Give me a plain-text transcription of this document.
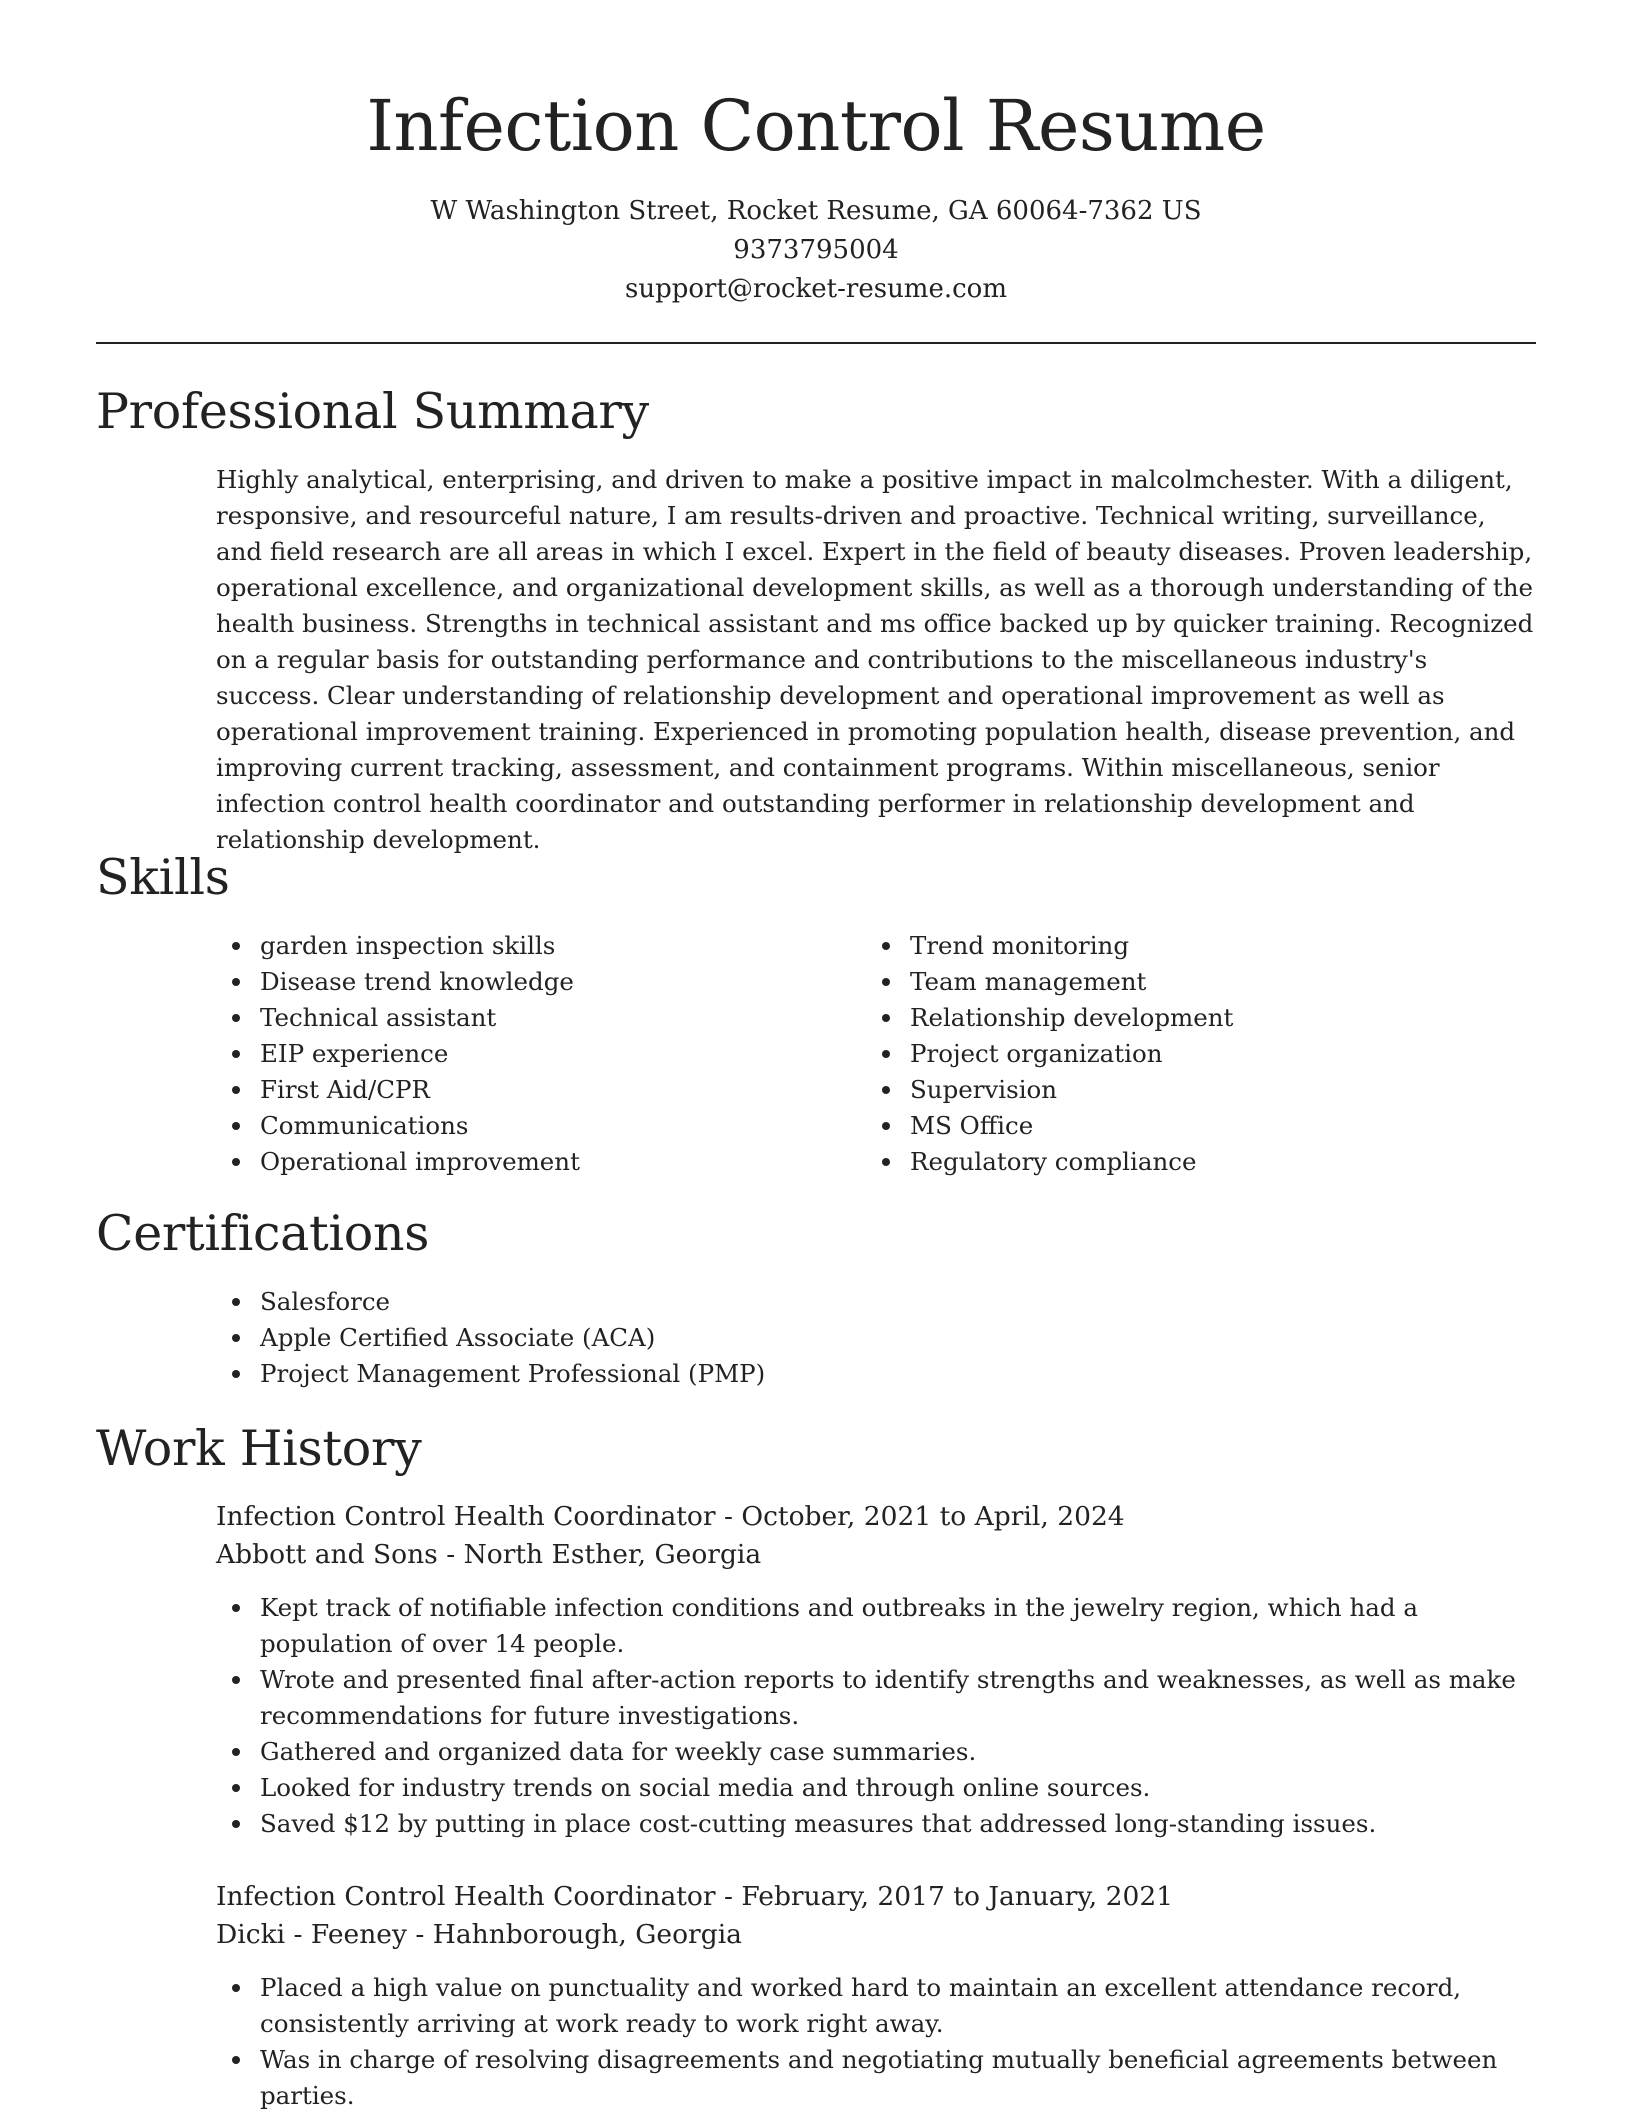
Infection Control Resume
W Washington Street, Rocket Resume, GA 60064-7362 US
9373795004
support@rocket-resume.com
Professional Summary
Highly analytical, enterprising, and driven to make a positive impact in malcolmchester. With a diligent, responsive, and resourceful nature, I am results-driven and proactive. Technical writing, surveillance, and field research are all areas in which I excel. Expert in the field of beauty diseases. Proven leadership, operational excellence, and organizational development skills, as well as a thorough understanding of the health business. Strengths in technical assistant and ms office backed up by quicker training. Recognized on a regular basis for outstanding performance and contributions to the miscellaneous industry's success. Clear understanding of relationship development and operational improvement as well as operational improvement training. Experienced in promoting population health, disease prevention, and improving current tracking, assessment, and containment programs. Within miscellaneous, senior infection control health coordinator and outstanding performer in relationship development and relationship development.
Skills
garden inspection skills
Disease trend knowledge
Technical assistant
EIP experience
First Aid/CPR
Communications
Operational improvement
Trend monitoring
Team management
Relationship development
Project organization
Supervision
MS Office
Regulatory compliance
Certifications
Salesforce
Apple Certified Associate (ACA)
Project Management Professional (PMP)
Work History
Infection Control Health Coordinator - October, 2021 to April, 2024
Abbott and Sons - North Esther, Georgia
Kept track of notifiable infection conditions and outbreaks in the jewelry region, which had a population of over 14 people.
Wrote and presented final after-action reports to identify strengths and weaknesses, as well as make recommendations for future investigations.
Gathered and organized data for weekly case summaries.
Looked for industry trends on social media and through online sources.
Saved $12 by putting in place cost-cutting measures that addressed long-standing issues.
Infection Control Health Coordinator - February, 2017 to January, 2021
Dicki - Feeney - Hahnborough, Georgia
Placed a high value on punctuality and worked hard to maintain an excellent attendance record, consistently arriving at work ready to work right away.
Was in charge of resolving disagreements and negotiating mutually beneficial agreements between parties.
